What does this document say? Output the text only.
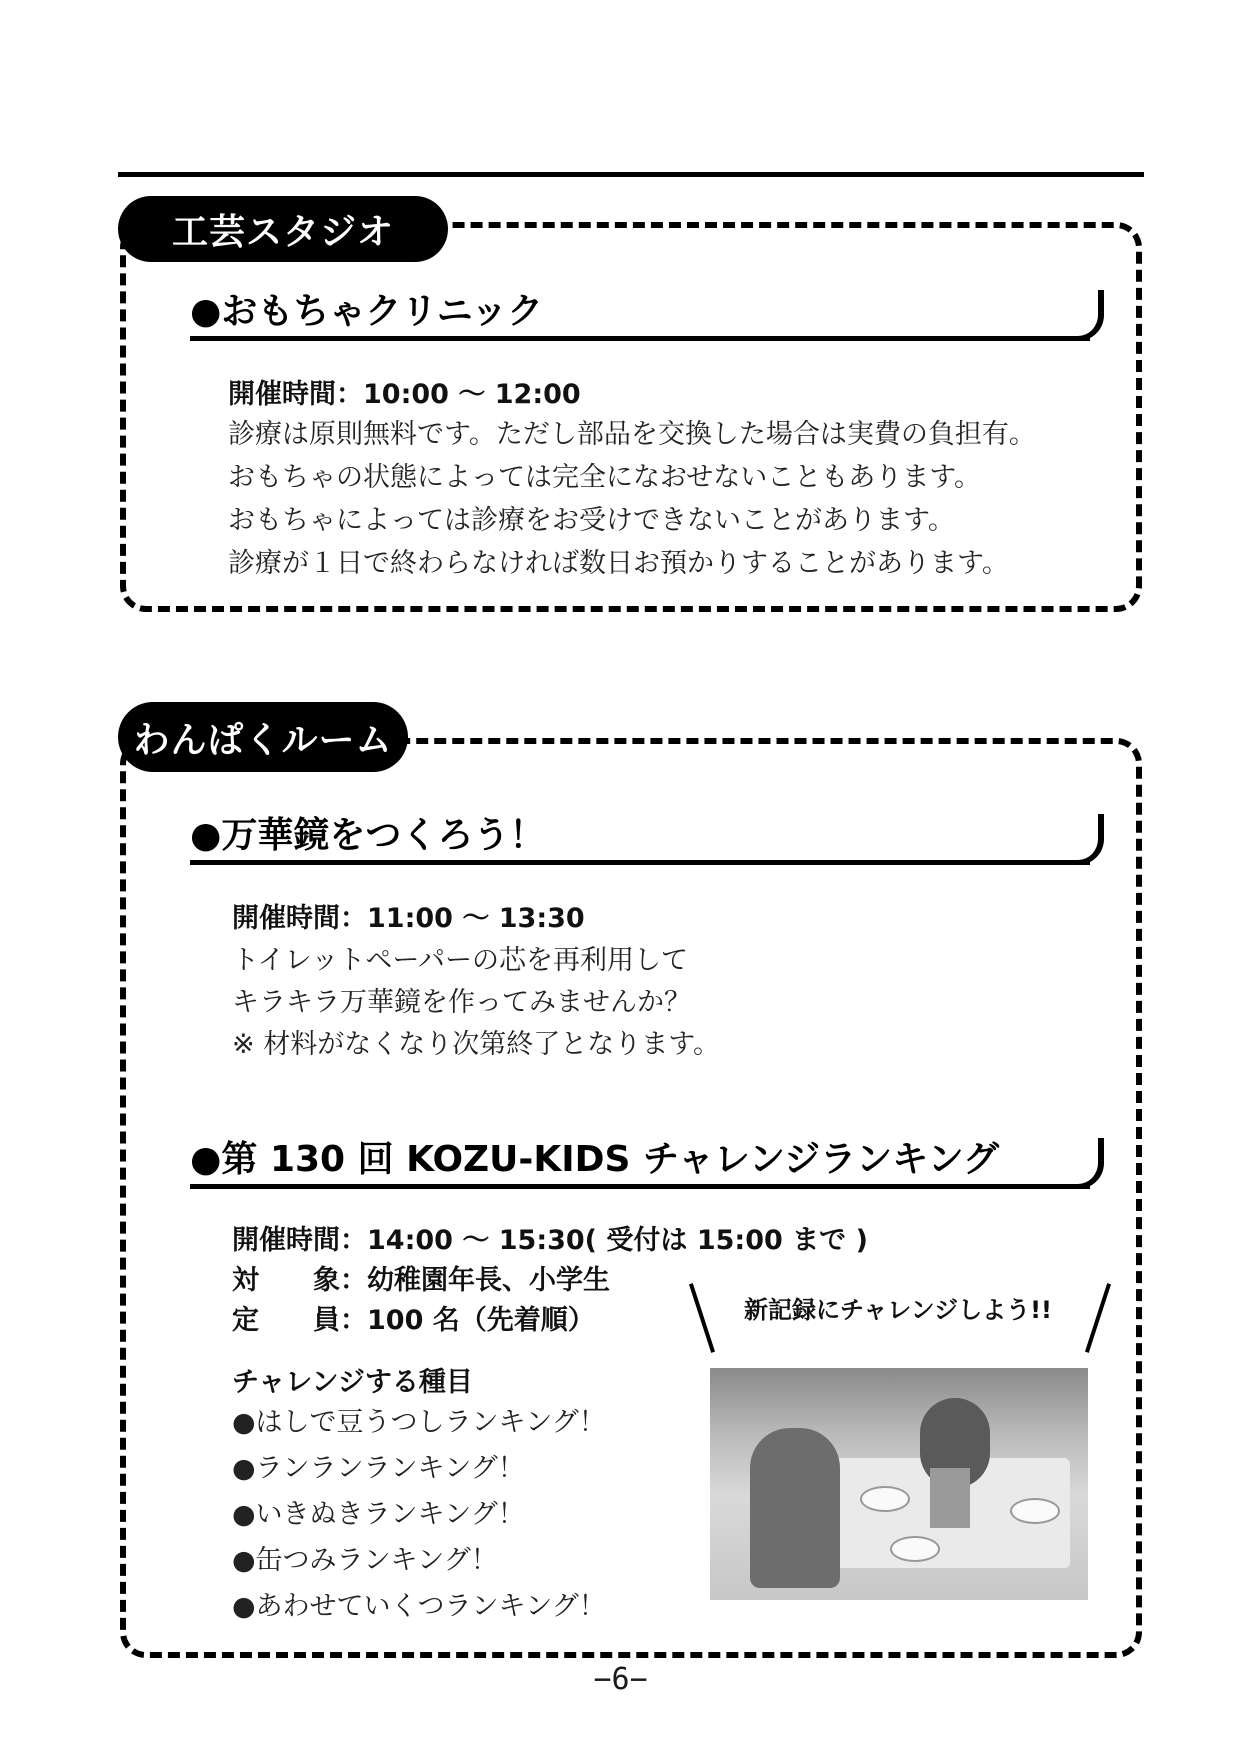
工芸スタジオ
●おもちゃクリニック
開催時間：10:00 ～ 12:00
診療は原則無料です。ただし部品を交換した場合は実費の負担有。
おもちゃの状態によっては完全になおせないこともあります。
おもちゃによっては診療をお受けできないことがあります。
診療が１日で終わらなければ数日お預かりすることがあります。
わんぱくルーム
●万華鏡をつくろう！
開催時間：11:00 ～ 13:30
トイレットペーパーの芯を再利用して
キラキラ万華鏡を作ってみませんか？
※ 材料がなくなり次第終了となります。
●第 130 回 KOZU-KIDS チャレンジランキング
開催時間：14:00 ～ 15:30( 受付は 15:00 まで )
対　　象：幼稚園年長、小学生
定　　員：100 名（先着順）
チャレンジする種目
●はしで豆うつしランキング！
●ランランランキング！
●いきぬきランキング！
●缶つみランキング！
●あわせていくつランキング！
新記録にチャレンジしよう!!
−6−
